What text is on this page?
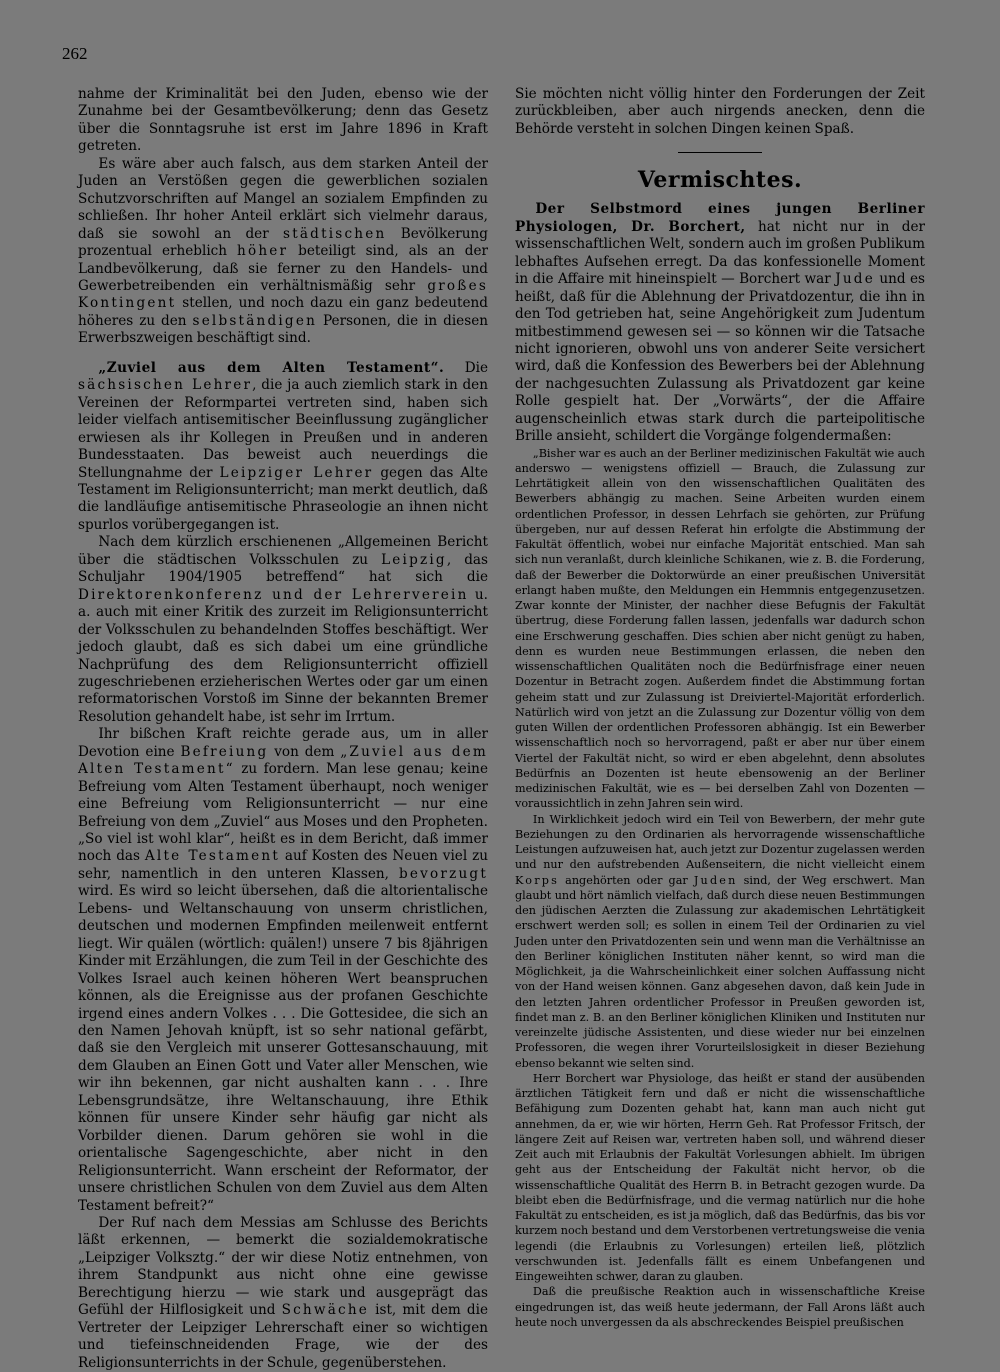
262

nahme der Kriminalität bei den Juden, ebenso wie der Zunahme bei der Gesamtbevölkerung; denn das Gesetz über die Sonntagsruhe ist erst im Jahre 1896 in Kraft getreten.

Es wäre aber auch falsch, aus dem starken Anteil der Juden an Verstößen gegen die gewerblichen sozialen Schutzvorschriften auf Mangel an sozialem Empfinden zu schließen. Ihr hoher Anteil erklärt sich vielmehr daraus, daß sie sowohl an der städtischen Bevölkerung prozentual erheblich höher beteiligt sind, als an der Landbevölkerung, daß sie ferner zu den Handels- und Gewerbetreibenden ein verhältnismäßig sehr großes Kontingent stellen, und noch dazu ein ganz bedeutend höheres zu den selbständigen Personen, die in diesen Erwerbszweigen beschäftigt sind.

„Zuviel aus dem Alten Testament“. Die sächsischen Lehrer, die ja auch ziemlich stark in den Vereinen der Reformpartei vertreten sind, haben sich leider vielfach antisemitischer Beeinflussung zugänglicher erwiesen als ihr Kollegen in Preußen und in anderen Bundesstaaten. Das beweist auch neuerdings die Stellungnahme der Leipziger Lehrer gegen das Alte Testament im Religionsunterricht; man merkt deutlich, daß die landläufige antisemitische Phraseologie an ihnen nicht spurlos vorübergegangen ist.

Nach dem kürzlich erschienenen „Allgemeinen Bericht über die städtischen Volksschulen zu Leipzig, das Schuljahr 1904/1905 betreffend“ hat sich die Direktorenkonferenz und der Lehrerverein u. a. auch mit einer Kritik des zurzeit im Religionsunterricht der Volksschulen zu behandelnden Stoffes beschäftigt. Wer jedoch glaubt, daß es sich dabei um eine gründliche Nachprüfung des dem Religionsunterricht offiziell zugeschriebenen erzieherischen Wertes oder gar um einen reformatorischen Vorstoß im Sinne der bekannten Bremer Resolution gehandelt habe, ist sehr im Irrtum.

Ihr bißchen Kraft reichte gerade aus, um in aller Devotion eine Befreiung von dem „Zuviel aus dem Alten Testament“ zu fordern. Man lese genau; keine Befreiung vom Alten Testament überhaupt, noch weniger eine Befreiung vom Religionsunterricht — nur eine Befreiung von dem „Zuviel“ aus Moses und den Propheten. „So viel ist wohl klar“, heißt es in dem Bericht, daß immer noch das Alte Testament auf Kosten des Neuen viel zu sehr, namentlich in den unteren Klassen, bevorzugt wird. Es wird so leicht übersehen, daß die altorientalische Lebens- und Weltanschauung von unserm christlichen, deutschen und modernen Empfinden meilenweit entfernt liegt. Wir quälen (wörtlich: quälen!) unsere 7 bis 8jährigen Kinder mit Erzählungen, die zum Teil in der Geschichte des Volkes Israel auch keinen höheren Wert beanspruchen können, als die Ereignisse aus der profanen Geschichte irgend eines andern Volkes . . . Die Gottesidee, die sich an den Namen Jehovah knüpft, ist so sehr national gefärbt, daß sie den Vergleich mit unserer Gottesanschauung, mit dem Glauben an Einen Gott und Vater aller Menschen, wie wir ihn bekennen, gar nicht aushalten kann . . . Ihre Lebensgrundsätze, ihre Weltanschauung, ihre Ethik können für unsere Kinder sehr häufig gar nicht als Vorbilder dienen. Darum gehören sie wohl in die orientalische Sagengeschichte, aber nicht in den Religionsunterricht. Wann erscheint der Reformator, der unsere christlichen Schulen von dem Zuviel aus dem Alten Testament befreit?“

Der Ruf nach dem Messias am Schlusse des Berichts läßt erkennen, — bemerkt die sozialdemokratische „Leipziger Volksztg.“ der wir diese Notiz entnehmen, von ihrem Standpunkt aus nicht ohne eine gewisse Berechtigung hierzu — wie stark und ausgeprägt das Gefühl der Hilflosigkeit und Schwäche ist, mit dem die Vertreter der Leipziger Lehrerschaft einer so wichtigen und tiefeinschneidenden Frage, wie der des Religionsunterrichts in der Schule, gegenüberstehen.

Sie möchten nicht völlig hinter den Forderungen der Zeit zurückbleiben, aber auch nirgends anecken, denn die Behörde versteht in solchen Dingen keinen Spaß.

Vermischtes.

Der Selbstmord eines jungen Berliner Physiologen, Dr. Borchert, hat nicht nur in der wissenschaftlichen Welt, sondern auch im großen Publikum lebhaftes Aufsehen erregt. Da das konfessionelle Moment in die Affaire mit hineinspielt — Borchert war Jude und es heißt, daß für die Ablehnung der Privatdozentur, die ihn in den Tod getrieben hat, seine Angehörigkeit zum Judentum mitbestimmend gewesen sei — so können wir die Tatsache nicht ignorieren, obwohl uns von anderer Seite versichert wird, daß die Konfession des Bewerbers bei der Ablehnung der nachgesuchten Zulassung als Privatdozent gar keine Rolle gespielt hat. Der „Vorwärts“, der die Affaire augenscheinlich etwas stark durch die parteipolitische Brille ansieht, schildert die Vorgänge folgendermaßen:

„Bisher war es auch an der Berliner medizinischen Fakultät wie auch anderswo — wenigstens offiziell — Brauch, die Zulassung zur Lehrtätigkeit allein von den wissenschaftlichen Qualitäten des Bewerbers abhängig zu machen. Seine Arbeiten wurden einem ordentlichen Professor, in dessen Lehrfach sie gehörten, zur Prüfung übergeben, nur auf dessen Referat hin erfolgte die Abstimmung der Fakultät öffentlich, wobei nur einfache Majorität entschied. Man sah sich nun veranlaßt, durch kleinliche Schikanen, wie z. B. die Forderung, daß der Bewerber die Doktorwürde an einer preußischen Universität erlangt haben mußte, den Meldungen ein Hemmnis entgegenzusetzen. Zwar konnte der Minister, der nachher diese Befugnis der Fakultät übertrug, diese Forderung fallen lassen, jedenfalls war dadurch schon eine Erschwerung geschaffen. Dies schien aber nicht genügt zu haben, denn es wurden neue Bestimmungen erlassen, die neben den wissenschaftlichen Qualitäten noch die Bedürfnisfrage einer neuen Dozentur in Betracht zogen. Außerdem findet die Abstimmung fortan geheim statt und zur Zulassung ist Dreiviertel-Majorität erforderlich. Natürlich wird von jetzt an die Zulassung zur Dozentur völlig von dem guten Willen der ordentlichen Professoren abhängig. Ist ein Bewerber wissenschaftlich noch so hervorragend, paßt er aber nur über einem Viertel der Fakultät nicht, so wird er eben abgelehnt, denn absolutes Bedürfnis an Dozenten ist heute ebensowenig an der Berliner medizinischen Fakultät, wie es — bei derselben Zahl von Dozenten — voraussichtlich in zehn Jahren sein wird.

In Wirklichkeit jedoch wird ein Teil von Bewerbern, der mehr gute Beziehungen zu den Ordinarien als hervorragende wissenschaftliche Leistungen aufzuweisen hat, auch jetzt zur Dozentur zugelassen werden und nur den aufstrebenden Außenseitern, die nicht vielleicht einem Korps angehörten oder gar Juden sind, der Weg erschwert. Man glaubt und hört nämlich vielfach, daß durch diese neuen Bestimmungen den jüdischen Aerzten die Zulassung zur akademischen Lehrtätigkeit erschwert werden soll; es sollen in einem Teil der Ordinarien zu viel Juden unter den Privatdozenten sein und wenn man die Verhältnisse an den Berliner königlichen Instituten näher kennt, so wird man die Möglichkeit, ja die Wahrscheinlichkeit einer solchen Auffassung nicht von der Hand weisen können. Ganz abgesehen davon, daß kein Jude in den letzten Jahren ordentlicher Professor in Preußen geworden ist, findet man z. B. an den Berliner königlichen Kliniken und Instituten nur vereinzelte jüdische Assistenten, und diese wieder nur bei einzelnen Professoren, die wegen ihrer Vorurteilslosigkeit in dieser Beziehung ebenso bekannt wie selten sind.

Herr Borchert war Physiologe, das heißt er stand der ausübenden ärztlichen Tätigkeit fern und daß er nicht die wissenschaftliche Befähigung zum Dozenten gehabt hat, kann man auch nicht gut annehmen, da er, wie wir hörten, Herrn Geh. Rat Professor Fritsch, der längere Zeit auf Reisen war, vertreten haben soll, und während dieser Zeit auch mit Erlaubnis der Fakultät Vorlesungen abhielt. Im übrigen geht aus der Entscheidung der Fakultät nicht hervor, ob die wissenschaftliche Qualität des Herrn B. in Betracht gezogen wurde. Da bleibt eben die Bedürfnisfrage, und die vermag natürlich nur die hohe Fakultät zu entscheiden, es ist ja möglich, daß das Bedürfnis, das bis vor kurzem noch bestand und dem Verstorbenen vertretungsweise die venia legendi (die Erlaubnis zu Vorlesungen) erteilen ließ, plötzlich verschwunden ist. Jedenfalls fällt es einem Unbefangenen und Eingeweihten schwer, daran zu glauben.

Daß die preußische Reaktion auch in wissenschaftliche Kreise eingedrungen ist, das weiß heute jedermann, der Fall Arons läßt auch heute noch unvergessen da als abschreckendes Beispiel preußischen
